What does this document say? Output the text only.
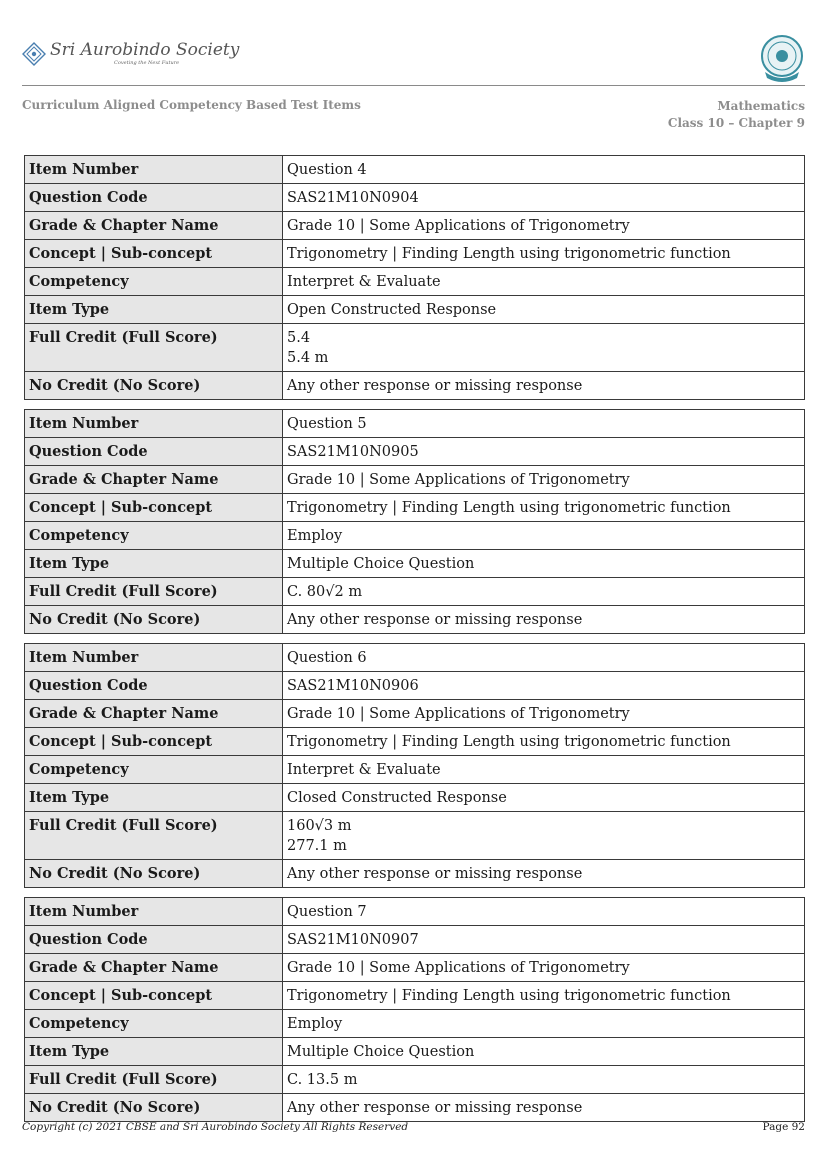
Sri Aurobindo Society
Coveting the Next Future
Curriculum Aligned Competency Based Test Items	Mathematics
Class 10 – Chapter 9
Item Number	Question 4

Question Code	SAS21M10N0904

Grade & Chapter Name	Grade 10 | Some Applications of Trigonometry

Concept | Sub-concept	Trigonometry | Finding Length using trigonometric function

Competency	Interpret & Evaluate

Item Type	Open Constructed Response

Full Credit (Full Score)	5.4
5.4 m

No Credit (No Score)	Any other response or missing response
Item Number	Question 5

Question Code	SAS21M10N0905

Grade & Chapter Name	Grade 10 | Some Applications of Trigonometry

Concept | Sub-concept	Trigonometry | Finding Length using trigonometric function

Competency	Employ

Item Type	Multiple Choice Question

Full Credit (Full Score)	C. 80√2 m

No Credit (No Score)	Any other response or missing response
Item Number	Question 6

Question Code	SAS21M10N0906

Grade & Chapter Name	Grade 10 | Some Applications of Trigonometry

Concept | Sub-concept	Trigonometry | Finding Length using trigonometric function

Competency	Interpret & Evaluate

Item Type	Closed Constructed Response

Full Credit (Full Score)	160√3 m
277.1 m

No Credit (No Score)	Any other response or missing response
Item Number	Question 7

Question Code	SAS21M10N0907

Grade & Chapter Name	Grade 10 | Some Applications of Trigonometry

Concept | Sub-concept	Trigonometry | Finding Length using trigonometric function

Competency	Employ

Item Type	Multiple Choice Question

Full Credit (Full Score)	C. 13.5 m

No Credit (No Score)	Any other response or missing response
Copyright (c) 2021 CBSE and Sri Aurobindo Society All Rights Reserved	Page 92
